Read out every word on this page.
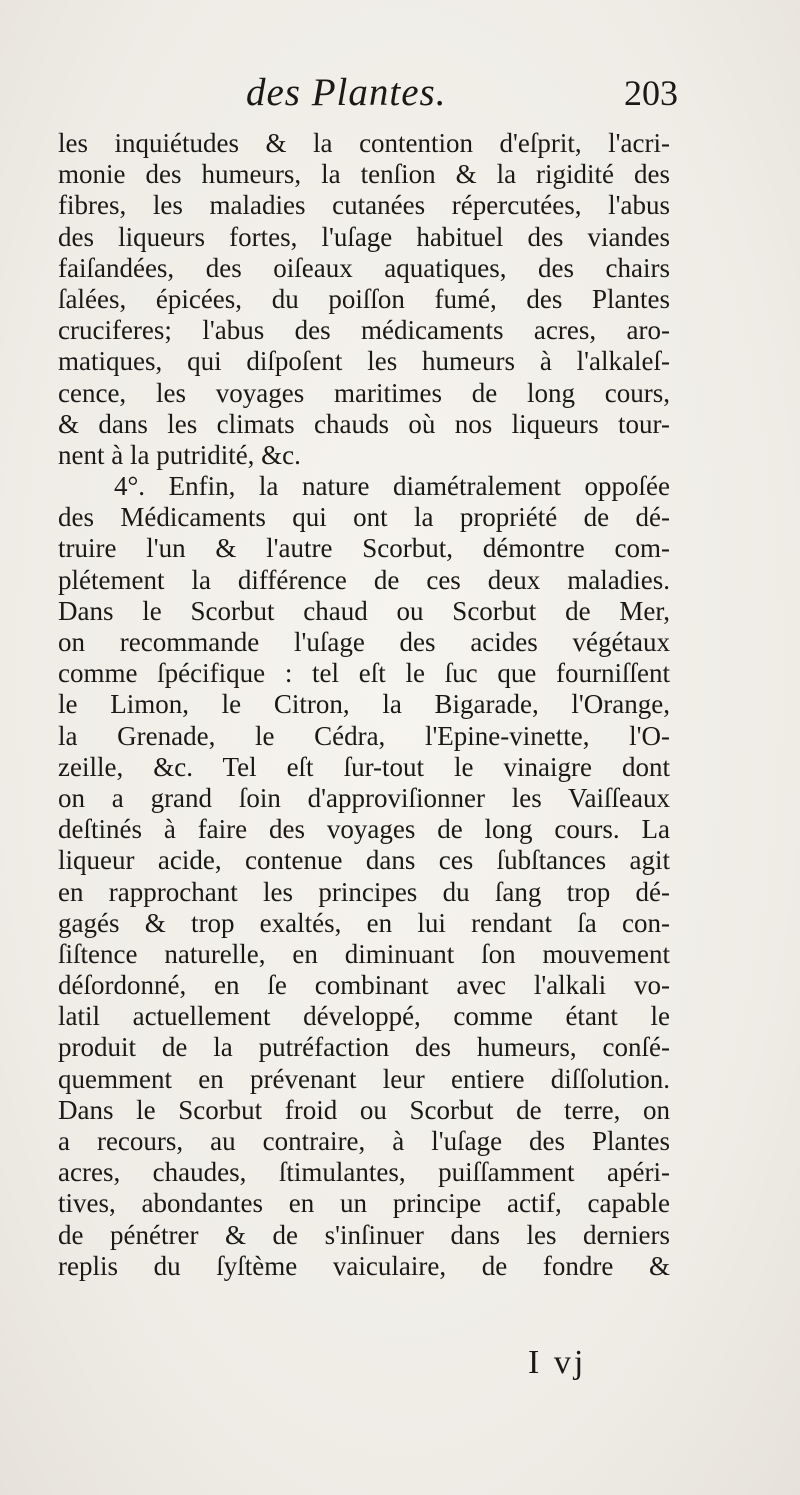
des Plantes.	203
les inquiétudes & la contention d'eſprit, l'acri-
monie des humeurs, la tenſion & la rigidité des
fibres, les maladies cutanées répercutées, l'abus
des liqueurs fortes, l'uſage habituel des viandes
faiſandées, des oiſeaux aquatiques, des chairs
ſalées, épicées, du poiſſon fumé, des Plantes
cruciferes; l'abus des médicaments acres, aro-
matiques, qui diſpoſent les humeurs à l'alkaleſ-
cence, les voyages maritimes de long cours,
& dans les climats chauds où nos liqueurs tour-
nent à la putridité, &c.
4°. Enfin, la nature diamétralement oppoſée
des Médicaments qui ont la propriété de dé-
truire l'un & l'autre Scorbut, démontre com-
plétement la différence de ces deux maladies.
Dans le Scorbut chaud ou Scorbut de Mer,
on recommande l'uſage des acides végétaux
comme ſpécifique : tel eſt le ſuc que fourniſſent
le Limon, le Citron, la Bigarade, l'Orange,
la Grenade, le Cédra, l'Epine-vinette, l'O-
zeille, &c. Tel eſt ſur-tout le vinaigre dont
on a grand ſoin d'approviſionner les Vaiſſeaux
deſtinés à faire des voyages de long cours. La
liqueur acide, contenue dans ces ſubſtances agit
en rapprochant les principes du ſang trop dé-
gagés & trop exaltés, en lui rendant ſa con-
ſiſtence naturelle, en diminuant ſon mouvement
déſordonné, en ſe combinant avec l'alkali vo-
latil actuellement développé, comme étant le
produit de la putréfaction des humeurs, conſé-
quemment en prévenant leur entiere diſſolution.
Dans le Scorbut froid ou Scorbut de terre, on
a recours, au contraire, à l'uſage des Plantes
acres, chaudes, ſtimulantes, puiſſamment apéri-
tives, abondantes en un principe actif, capable
de pénétrer & de s'inſinuer dans les derniers
replis du ſyſtème vaiculaire, de fondre &
I vj
